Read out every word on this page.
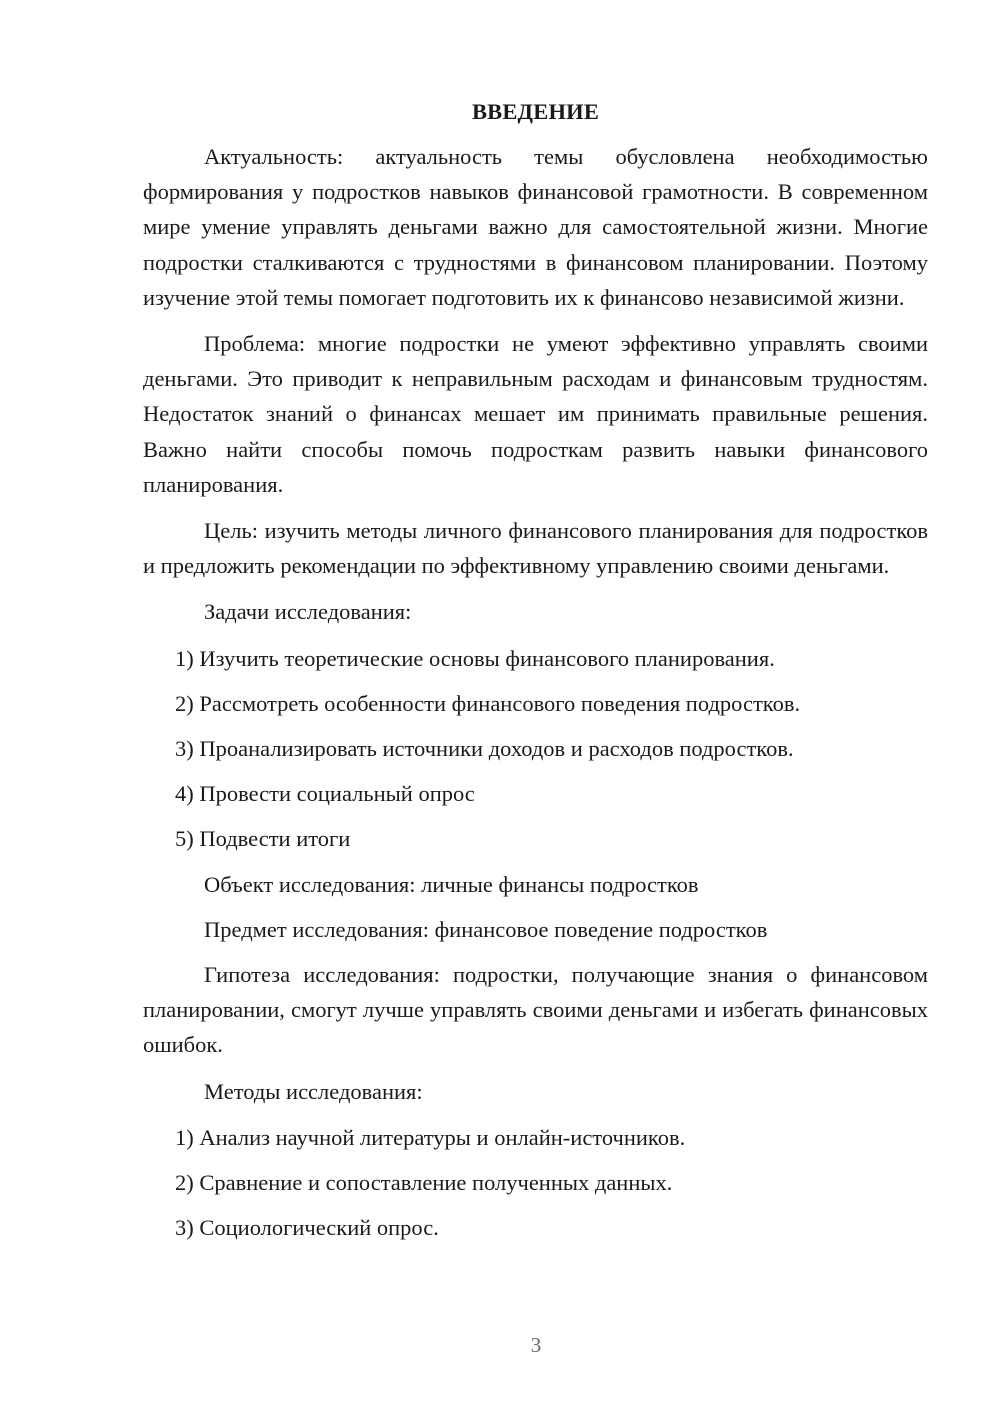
ВВЕДЕНИЕ

Актуальность: актуальность темы обусловлена необходимостью формирования у подростков навыков финансовой грамотности. В современном мире умение управлять деньгами важно для самостоятельной жизни. Многие подростки сталкиваются с трудностями в финансовом планировании. Поэтому изучение этой темы помогает подготовить их к финансово независимой жизни.

Проблема: многие подростки не умеют эффективно управлять своими деньгами. Это приводит к неправильным расходам и финансовым трудностям. Недостаток знаний о финансах мешает им принимать правильные решения. Важно найти способы помочь подросткам развить навыки финансового планирования.

Цель: изучить методы личного финансового планирования для подростков и предложить рекомендации по эффективному управлению своими деньгами.

Задачи исследования:

1) Изучить теоретические основы финансового планирования.
2) Рассмотреть особенности финансового поведения подростков.
3) Проанализировать источники доходов и расходов подростков.
4) Провести социальный опрос
5) Подвести итоги

Объект исследования: личные финансы подростков

Предмет исследования: финансовое поведение подростков

Гипотеза исследования: подростки, получающие знания о финансовом планировании, смогут лучше управлять своими деньгами и избегать финансовых ошибок.

Методы исследования:

1) Анализ научной литературы и онлайн-источников.
2) Сравнение и сопоставление полученных данных.
3) Социологический опрос.
3
